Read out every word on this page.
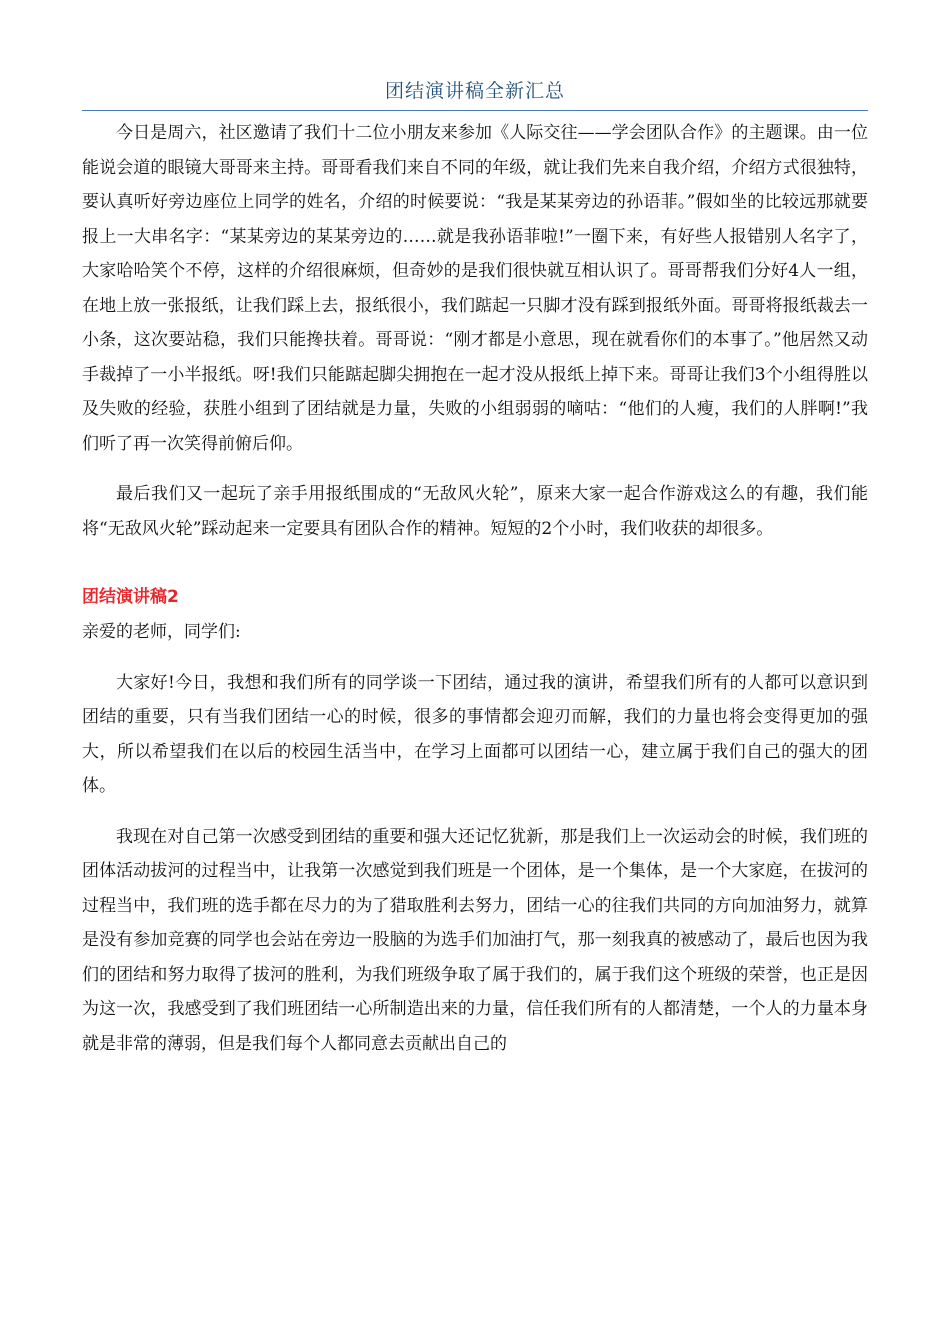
团结演讲稿全新汇总

今日是周六，社区邀请了我们十二位小朋友来参加《人际交往——学会团队合作》的主题课。由一位能说会道的眼镜大哥哥来主持。哥哥看我们来自不同的年级，就让我们先来自我介绍，介绍方式很独特，要认真听好旁边座位上同学的姓名，介绍的时候要说：“我是某某旁边的孙语菲。”假如坐的比较远那就要报上一大串名字：“某某旁边的某某旁边的……就是我孙语菲啦!”一圈下来，有好些人报错别人名字了，大家哈哈笑个不停，这样的介绍很麻烦，但奇妙的是我们很快就互相认识了。哥哥帮我们分好4人一组，在地上放一张报纸，让我们踩上去，报纸很小，我们踮起一只脚才没有踩到报纸外面。哥哥将报纸裁去一小条，这次要站稳，我们只能搀扶着。哥哥说：“刚才都是小意思，现在就看你们的本事了。”他居然又动手裁掉了一小半报纸。呀!我们只能踮起脚尖拥抱在一起才没从报纸上掉下来。哥哥让我们3个小组得胜以及失败的经验，获胜小组到了团结就是力量，失败的小组弱弱的嘀咕：“他们的人瘦，我们的人胖啊!”我们听了再一次笑得前俯后仰。

最后我们又一起玩了亲手用报纸围成的“无敌风火轮”，原来大家一起合作游戏这么的有趣，我们能将“无敌风火轮”踩动起来一定要具有团队合作的精神。短短的2个小时，我们收获的却很多。

团结演讲稿2

亲爱的老师，同学们:

大家好!今日，我想和我们所有的同学谈一下团结，通过我的演讲，希望我们所有的人都可以意识到团结的重要，只有当我们团结一心的时候，很多的事情都会迎刃而解，我们的力量也将会变得更加的强大，所以希望我们在以后的校园生活当中，在学习上面都可以团结一心，建立属于我们自己的强大的团体。

我现在对自己第一次感受到团结的重要和强大还记忆犹新，那是我们上一次运动会的时候，我们班的团体活动拔河的过程当中，让我第一次感觉到我们班是一个团体，是一个集体，是一个大家庭，在拔河的过程当中，我们班的选手都在尽力的为了猎取胜利去努力，团结一心的往我们共同的方向加油努力，就算是没有参加竞赛的同学也会站在旁边一股脑的为选手们加油打气，那一刻我真的被感动了，最后也因为我们的团结和努力取得了拔河的胜利，为我们班级争取了属于我们的，属于我们这个班级的荣誉，也正是因为这一次，我感受到了我们班团结一心所制造出来的力量，信任我们所有的人都清楚，一个人的力量本身就是非常的薄弱，但是我们每个人都同意去贡献出自己的
